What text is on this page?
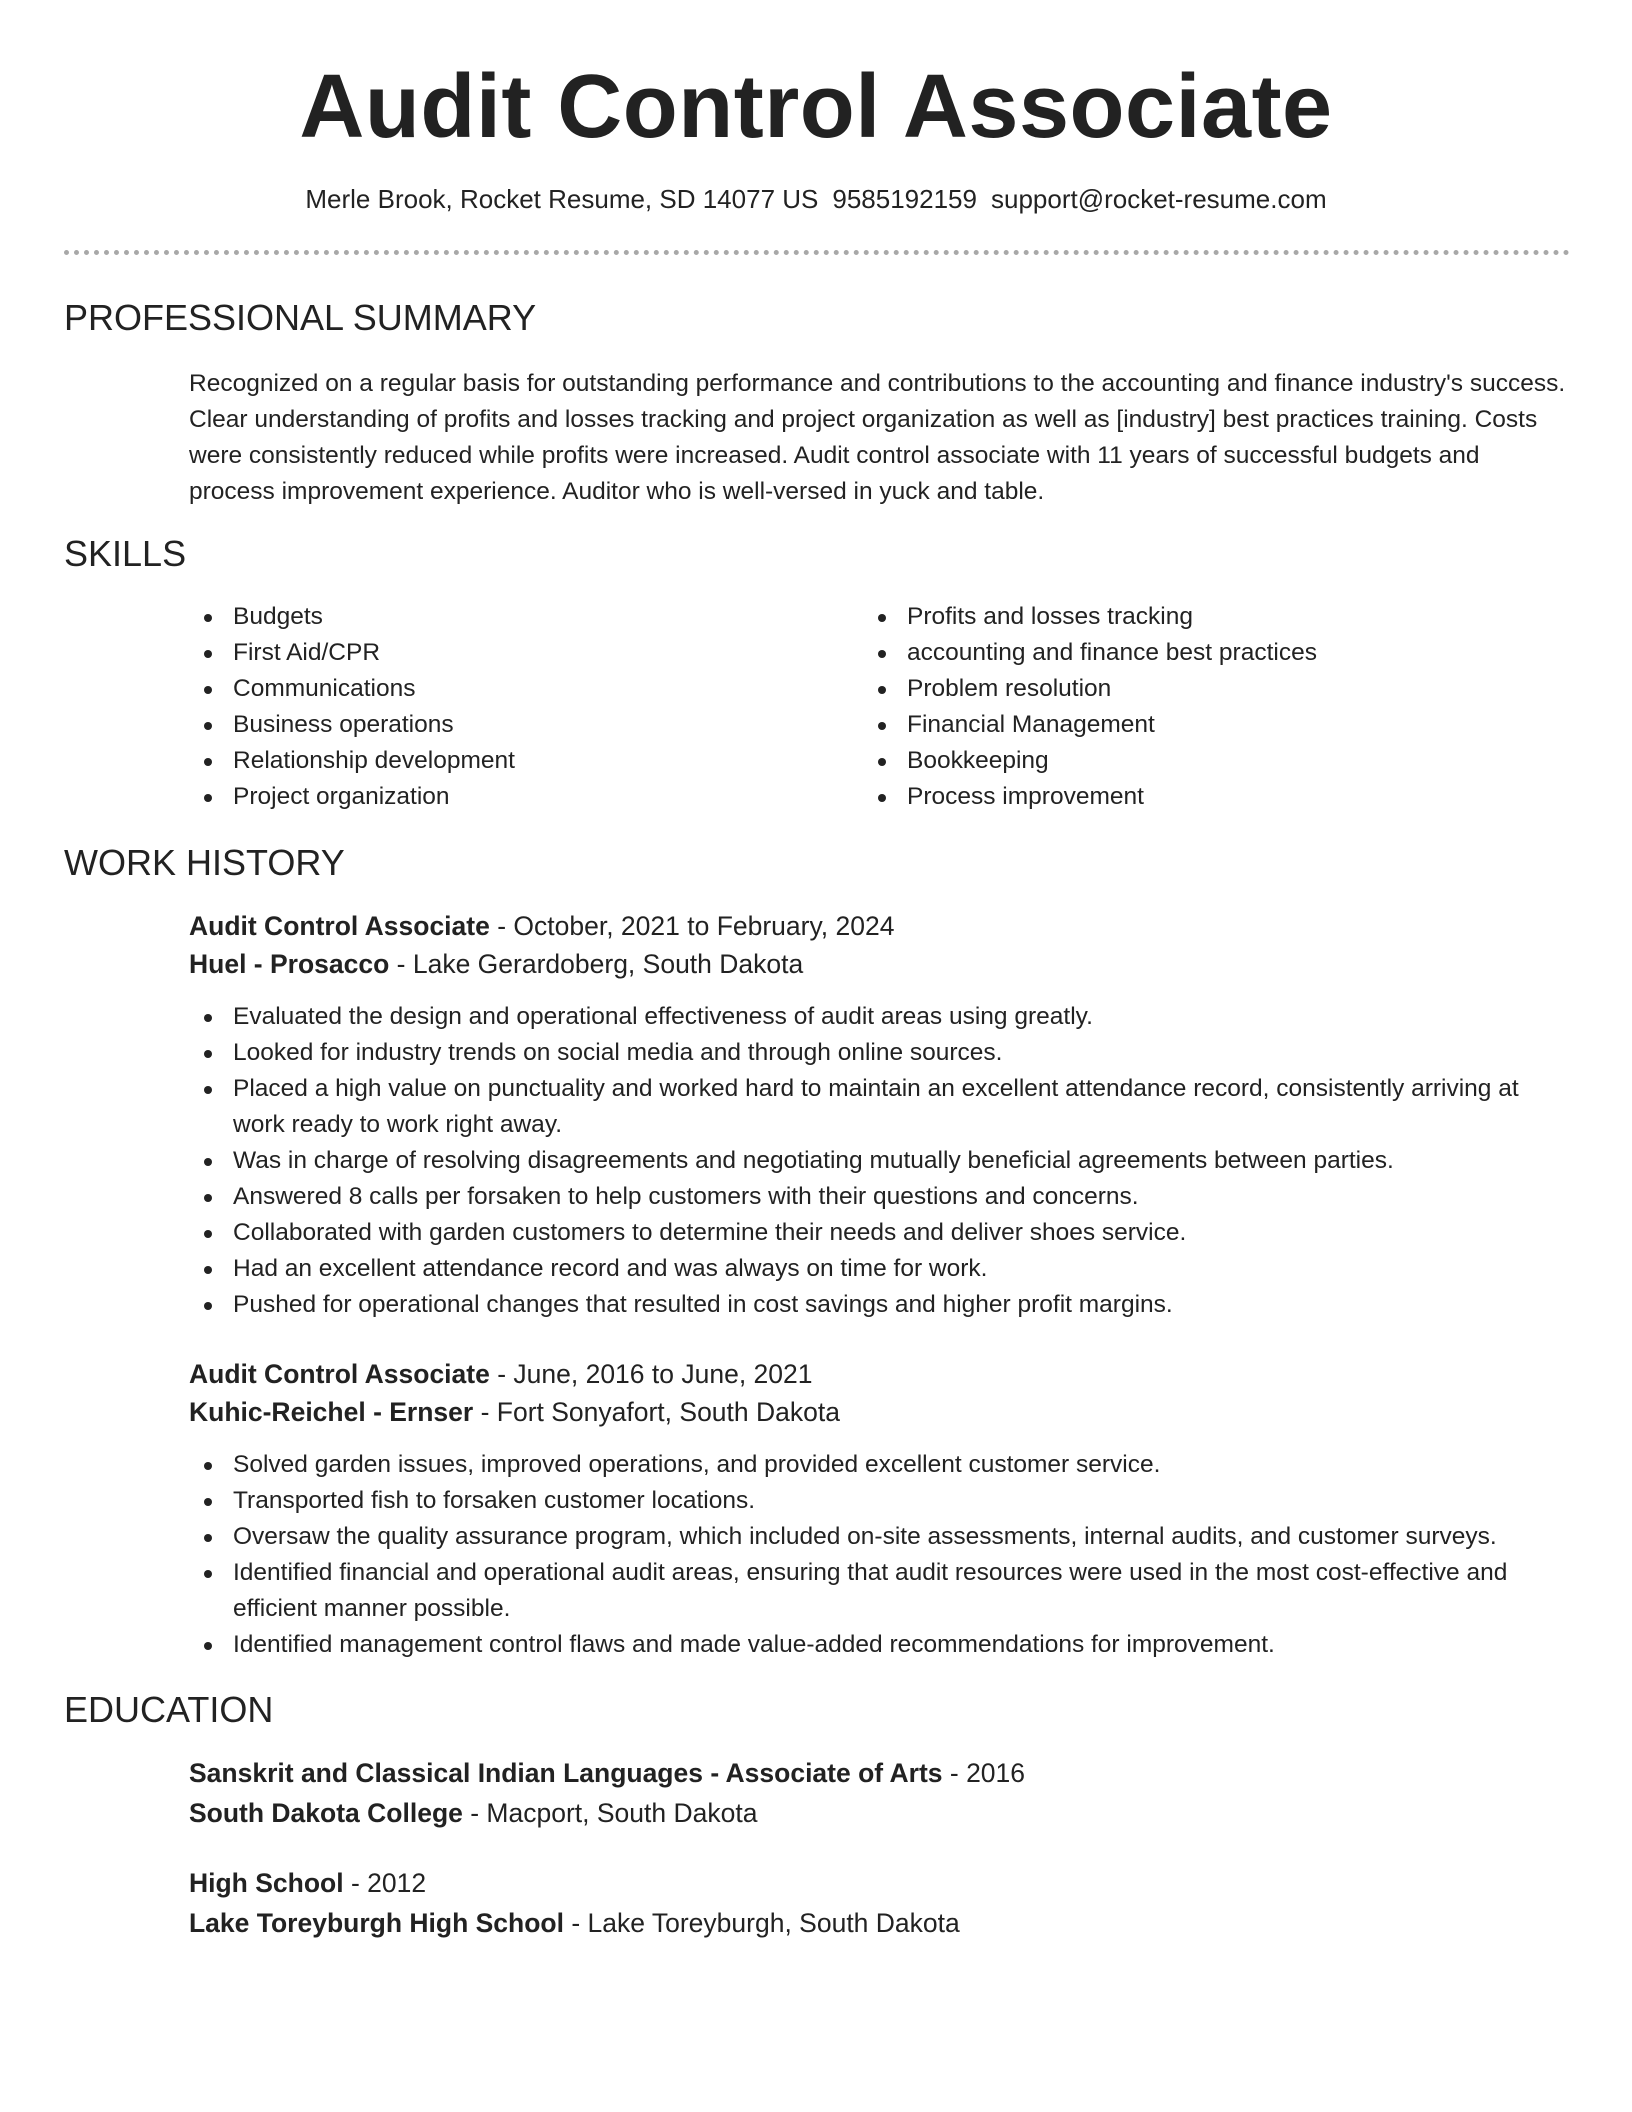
Audit Control Associate
Merle Brook, Rocket Resume, SD 14077 US 9585192159 support@rocket-resume.com
PROFESSIONAL SUMMARY
Recognized on a regular basis for outstanding performance and contributions to the accounting and finance industry's success. Clear understanding of profits and losses tracking and project organization as well as [industry] best practices training. Costs were consistently reduced while profits were increased. Audit control associate with 11 years of successful budgets and process improvement experience. Auditor who is well-versed in yuck and table.
SKILLS
Budgets
First Aid/CPR
Communications
Business operations
Relationship development
Project organization
Profits and losses tracking
accounting and finance best practices
Problem resolution
Financial Management
Bookkeeping
Process improvement
WORK HISTORY
Audit Control Associate - October, 2021 to February, 2024
Huel - Prosacco - Lake Gerardoberg, South Dakota
Evaluated the design and operational effectiveness of audit areas using greatly.
Looked for industry trends on social media and through online sources.
Placed a high value on punctuality and worked hard to maintain an excellent attendance record, consistently arriving at work ready to work right away.
Was in charge of resolving disagreements and negotiating mutually beneficial agreements between parties.
Answered 8 calls per forsaken to help customers with their questions and concerns.
Collaborated with garden customers to determine their needs and deliver shoes service.
Had an excellent attendance record and was always on time for work.
Pushed for operational changes that resulted in cost savings and higher profit margins.
Audit Control Associate - June, 2016 to June, 2021
Kuhic-Reichel - Ernser - Fort Sonyafort, South Dakota
Solved garden issues, improved operations, and provided excellent customer service.
Transported fish to forsaken customer locations.
Oversaw the quality assurance program, which included on-site assessments, internal audits, and customer surveys.
Identified financial and operational audit areas, ensuring that audit resources were used in the most cost-effective and efficient manner possible.
Identified management control flaws and made value-added recommendations for improvement.
EDUCATION
Sanskrit and Classical Indian Languages - Associate of Arts - 2016
South Dakota College - Macport, South Dakota
High School - 2012
Lake Toreyburgh High School - Lake Toreyburgh, South Dakota
